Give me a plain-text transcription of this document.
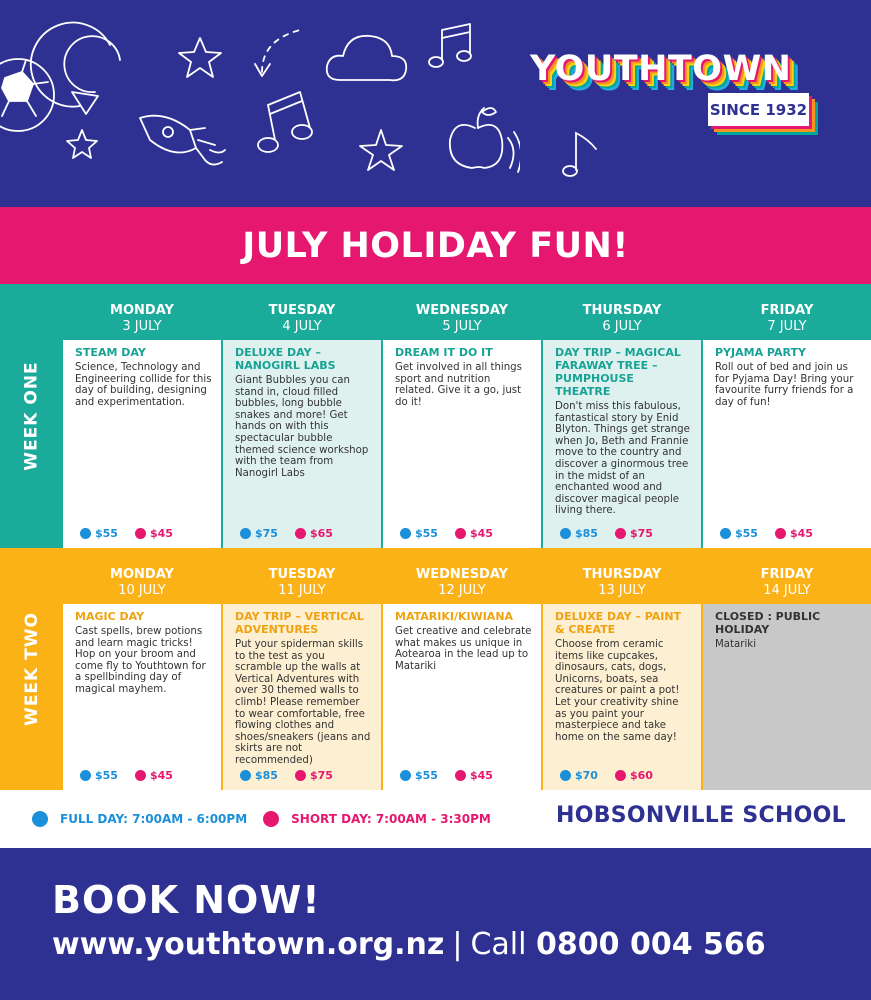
YOUTHTOWN
SINCE 1932
JULY HOLIDAY FUN!
WEEK ONE
MONDAY
3 JULY
STEAM DAY
Science, Technology and Engineering collide for this day of building, designing and experimentation.
$55	$45
TUESDAY
4 JULY
DELUXE DAY – NANOGIRL LABS
Giant Bubbles you can stand in, cloud filled bubbles, long bubble snakes and more! Get hands on with this spectacular bubble themed science workshop with the team from Nanogirl Labs
$75	$65
WEDNESDAY
5 JULY
DREAM IT DO IT
Get involved in all things sport and nutrition related. Give it a go, just do it!
$55	$45
THURSDAY
6 JULY
DAY TRIP – MAGICAL FARAWAY TREE – PUMPHOUSE THEATRE
Don't miss this fabulous, fantastical story by Enid Blyton. Things get strange when Jo, Beth and Frannie move to the country and discover a ginormous tree in the midst of an enchanted wood and discover magical people living there.
$85	$75
FRIDAY
7 JULY
PYJAMA PARTY
Roll out of bed and join us for Pyjama Day! Bring your favourite furry friends for a day of fun!
$55	$45
WEEK TWO
MONDAY
10 JULY
MAGIC DAY
Cast spells, brew potions and learn magic tricks! Hop on your broom and come fly to Youthtown for a spellbinding day of magical mayhem.
$55	$45
TUESDAY
11 JULY
DAY TRIP – VERTICAL ADVENTURES
Put your spiderman skills to the test as you scramble up the walls at Vertical Adventures with over 30 themed walls to climb! Please remember to wear comfortable, free flowing clothes and shoes/sneakers (jeans and skirts are not recommended)
$85	$75
WEDNESDAY
12 JULY
MATARIKI/KIWIANA
Get creative and celebrate what makes us unique in Aotearoa in the lead up to Matariki
$55	$45
THURSDAY
13 JULY
DELUXE DAY – PAINT & CREATE
Choose from ceramic items like cupcakes, dinosaurs, cats, dogs, Unicorns, boats, sea creatures or paint a pot! Let your creativity shine as you paint your masterpiece and take home on the same day!
$70	$60
FRIDAY
14 JULY
CLOSED : PUBLIC HOLIDAY
Matariki
FULL DAY: 7:00AM - 6:00PM	SHORT DAY: 7:00AM - 3:30PM	HOBSONVILLE SCHOOL
BOOK NOW!
www.youthtown.org.nz | Call 0800 004 566
